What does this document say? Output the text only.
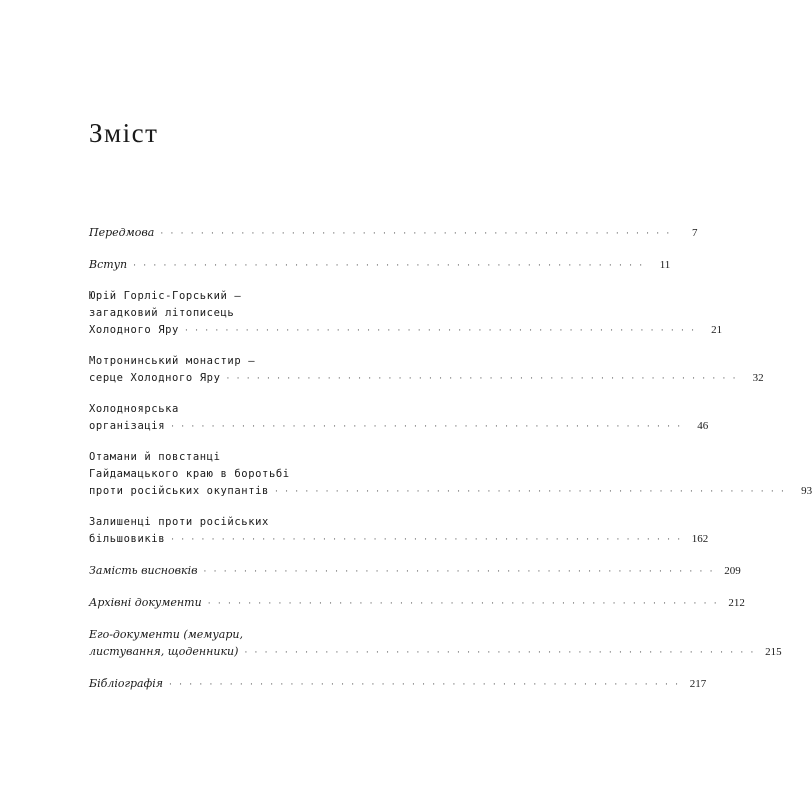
Зміст
Передмова · · · · · · · · · · · · · · · · · · · · · · · · · · · · · · · · · · · · · · · · · · · · · · · · · · ·	7
Вступ · · · · · · · · · · · · · · · · · · · · · · · · · · · · · · · · · · · · · · · · · · · · · · · · · · ·	11
Юрій Горліс-Горський —
загадковий літописець
Холодного Яру · · · · · · · · · · · · · · · · · · · · · · · · · · · · · · · · · · · · · · · · · · · · · · · · · · ·	21
Мотронинський монастир —
серце Холодного Яру · · · · · · · · · · · · · · · · · · · · · · · · · · · · · · · · · · · · · · · · · · · · · · · · · · ·	32
Холодноярська
організація · · · · · · · · · · · · · · · · · · · · · · · · · · · · · · · · · · · · · · · · · · · · · · · · · · ·	46
Отамани й повстанці
Гайдамацького краю в боротьбі
проти російських окупантів · · · · · · · · · · · · · · · · · · · · · · · · · · · · · · · · · · · · · · · · · · · · · · · · · · ·	93
Залишенці проти російських
більшовиків · · · · · · · · · · · · · · · · · · · · · · · · · · · · · · · · · · · · · · · · · · · · · · · · · · · 162
Замість висновків · · · · · · · · · · · · · · · · · · · · · · · · · · · · · · · · · · · · · · · · · · · · · · · · · · · 209
Архівні документи · · · · · · · · · · · · · · · · · · · · · · · · · · · · · · · · · · · · · · · · · · · · · · · · · · · 212
Его-документи (мемуари,
листування, щоденники) · · · · · · · · · · · · · · · · · · · · · · · · · · · · · · · · · · · · · · · · · · · · · · · · · · · 215
Бібліографія · · · · · · · · · · · · · · · · · · · · · · · · · · · · · · · · · · · · · · · · · · · · · · · · · · · 217
